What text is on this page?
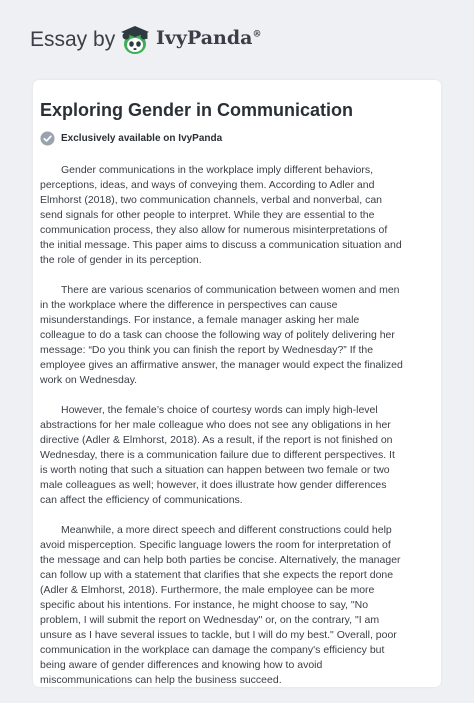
Essay by IvyPanda®
Exploring Gender in Communication
Exclusively available on IvyPanda

Gender communications in the workplace imply different behaviors, perceptions, ideas, and ways of conveying them. According to Adler and Elmhorst (2018), two communication channels, verbal and nonverbal, can send signals for other people to interpret. While they are essential to the communication process, they also allow for numerous misinterpretations of the initial message. This paper aims to discuss a communication situation and the role of gender in its perception.

There are various scenarios of communication between women and men in the workplace where the difference in perspectives can cause misunderstandings. For instance, a female manager asking her male colleague to do a task can choose the following way of politely delivering her message: “Do you think you can finish the report by Wednesday?” If the employee gives an affirmative answer, the manager would expect the finalized work on Wednesday.

However, the female’s choice of courtesy words can imply high-level abstractions for her male colleague who does not see any obligations in her directive (Adler & Elmhorst, 2018). As a result, if the report is not finished on Wednesday, there is a communication failure due to different perspectives. It is worth noting that such a situation can happen between two female or two male colleagues as well; however, it does illustrate how gender differences can affect the efficiency of communications.

Meanwhile, a more direct speech and different constructions could help avoid misperception. Specific language lowers the room for interpretation of the message and can help both parties be concise. Alternatively, the manager can follow up with a statement that clarifies that she expects the report done (Adler & Elmhorst, 2018). Furthermore, the male employee can be more specific about his intentions. For instance, he might choose to say, "No problem, I will submit the report on Wednesday" or, on the contrary, "I am unsure as I have several issues to tackle, but I will do my best." Overall, poor communication in the workplace can damage the company's efficiency but being aware of gender differences and knowing how to avoid miscommunications can help the business succeed.
